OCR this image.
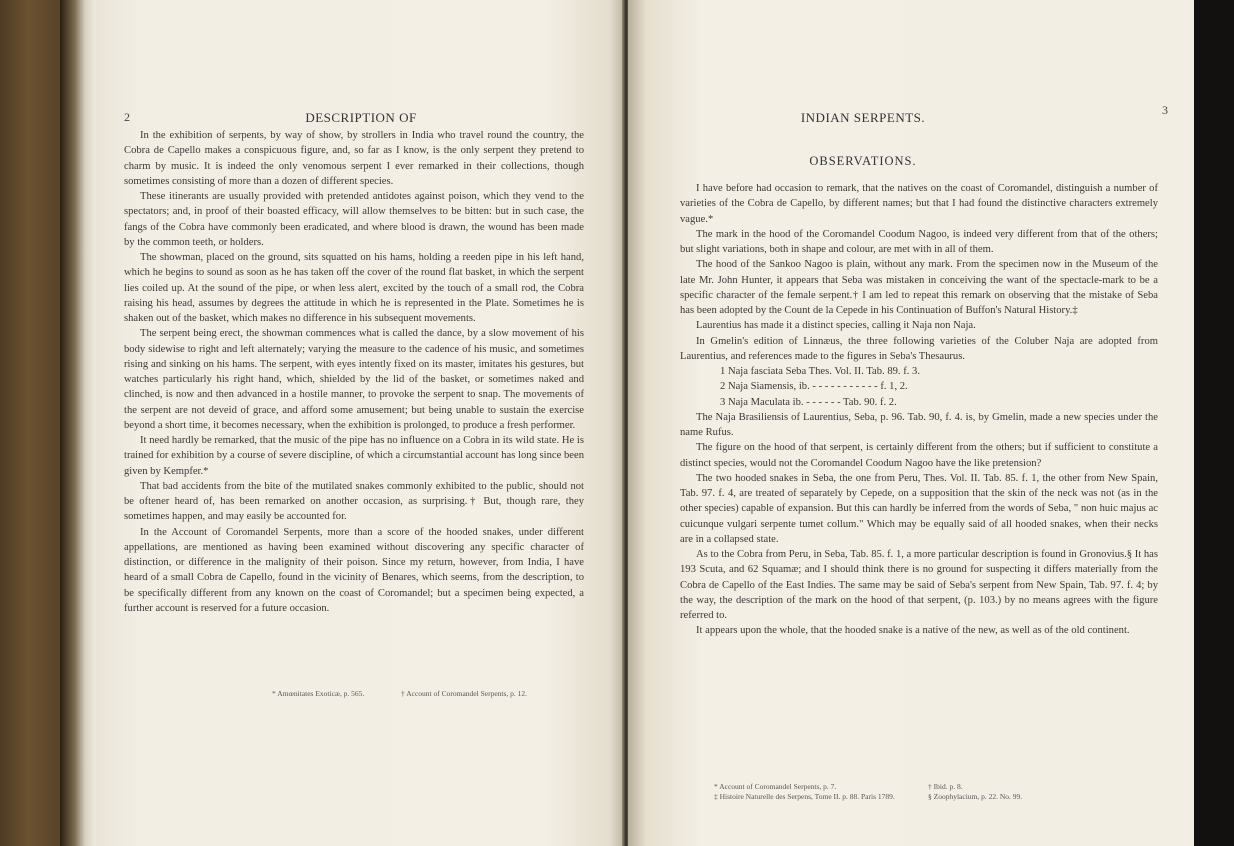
2	DESCRIPTION OF

In the exhibition of serpents, by way of show, by strollers in India who travel round the country, the Cobra de Capello makes a conspicuous figure, and, so far as I know, is the only serpent they pretend to charm by music. It is indeed the only venomous serpent I ever remarked in their collections, though sometimes consisting of more than a dozen of different species.

These itinerants are usually provided with pretended antidotes against poison, which they vend to the spectators; and, in proof of their boasted efficacy, will allow themselves to be bitten: but in such case, the fangs of the Cobra have commonly been eradicated, and where blood is drawn, the wound has been made by the common teeth, or holders.

The showman, placed on the ground, sits squatted on his hams, holding a reeden pipe in his left hand, which he begins to sound as soon as he has taken off the cover of the round flat basket, in which the serpent lies coiled up. At the sound of the pipe, or when less alert, excited by the touch of a small rod, the Cobra raising his head, assumes by degrees the attitude in which he is represented in the Plate. Sometimes he is shaken out of the basket, which makes no difference in his subsequent movements.

The serpent being erect, the showman commences what is called the dance, by a slow movement of his body sidewise to right and left alternately; varying the measure to the cadence of his music, and sometimes rising and sinking on his hams. The serpent, with eyes intently fixed on its master, imitates his gestures, but watches particularly his right hand, which, shielded by the lid of the basket, or sometimes naked and clinched, is now and then advanced in a hostile manner, to provoke the serpent to snap. The movements of the serpent are not deveid of grace, and afford some amusement; but being unable to sustain the exercise beyond a short time, it becomes necessary, when the exhibition is prolonged, to produce a fresh performer.

It need hardly be remarked, that the music of the pipe has no influence on a Cobra in its wild state. He is trained for exhibition by a course of severe discipline, of which a circumstantial account has long since been given by Kempfer.*

That bad accidents from the bite of the mutilated snakes commonly exhibited to the public, should not be oftener heard of, has been remarked on another occasion, as surprising.† But, though rare, they sometimes happen, and may easily be accounted for.

In the Account of Coromandel Serpents, more than a score of the hooded snakes, under different appellations, are mentioned as having been examined without discovering any specific character of distinction, or difference in the malignity of their poison. Since my return, however, from India, I have heard of a small Cobra de Capello, found in the vicinity of Benares, which seems, from the description, to be specifically different from any known on the coast of Coromandel; but a specimen being expected, a further account is reserved for a future occasion.

* Amœnitates Exoticæ, p. 565.	† Account of Coromandel Serpents, p. 12.
INDIAN SERPENTS.	3
OBSERVATIONS.

I have before had occasion to remark, that the natives on the coast of Coromandel, distinguish a number of varieties of the Cobra de Capello, by different names; but that I had found the distinctive characters extremely vague.*

The mark in the hood of the Coromandel Coodum Nagoo, is indeed very different from that of the others; but slight variations, both in shape and colour, are met with in all of them.

The hood of the Sankoo Nagoo is plain, without any mark. From the specimen now in the Museum of the late Mr. John Hunter, it appears that Seba was mistaken in conceiving the want of the spectacle-mark to be a specific character of the female serpent.† I am led to repeat this remark on observing that the mistake of Seba has been adopted by the Count de la Cepede in his Continuation of Buffon's Natural History.‡

Laurentius has made it a distinct species, calling it Naja non Naja.

In Gmelin's edition of Linnæus, the three following varieties of the Coluber Naja are adopted from Laurentius, and references made to the figures in Seba's Thesaurus.

1 Naja fasciata Seba Thes. Vol. II. Tab. 89. f. 3.

2 Naja Siamensis, ib. - - - - - - - - - - - f. 1, 2.

3 Naja Maculata ib. - - - - - - Tab. 90. f. 2.

The Naja Brasiliensis of Laurentius, Seba, p. 96. Tab. 90, f. 4. is, by Gmelin, made a new species under the name Rufus.

The figure on the hood of that serpent, is certainly different from the others; but if sufficient to constitute a distinct species, would not the Coromandel Coodum Nagoo have the like pretension?

The two hooded snakes in Seba, the one from Peru, Thes. Vol. II. Tab. 85. f. 1, the other from New Spain, Tab. 97. f. 4, are treated of separately by Cepede, on a supposition that the skin of the neck was not (as in the other species) capable of expansion. But this can hardly be inferred from the words of Seba, " non huic majus ac cuicunque vulgari serpente tumet collum." Which may be equally said of all hooded snakes, when their necks are in a collapsed state.

As to the Cobra from Peru, in Seba, Tab. 85. f. 1, a more particular description is found in Gronovius.§ It has 193 Scuta, and 62 Squamæ; and I should think there is no ground for suspecting it differs materially from the Cobra de Capello of the East Indies. The same may be said of Seba's serpent from New Spain, Tab. 97. f. 4; by the way, the description of the mark on the hood of that serpent, (p. 103.) by no means agrees with the figure referred to.

It appears upon the whole, that the hooded snake is a native of the new, as well as of the old continent.

* Account of Coromandel Serpents, p. 7.
‡ Histoire Naturelle des Serpens, Tome II. p. 88. Paris 1789.
† Ibid. p. 8.
§ Zoophylacium, p. 22. No. 99.
